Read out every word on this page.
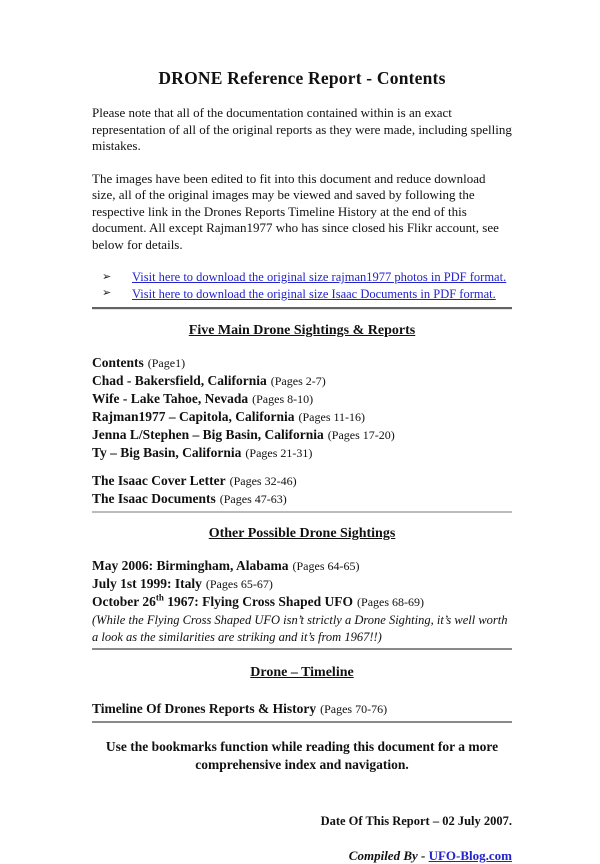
DRONE Reference Report - Contents

Please note that all of the documentation contained within is an exact representation of all of the original reports as they were made, including spelling mistakes.

The images have been edited to fit into this document and reduce download size, all of the original images may be viewed and saved by following the respective link in the Drones Reports Timeline History at the end of this document. All except Rajman1977 who has since closed his Flikr account, see below for details.

➢ Visit here to download the original size rajman1977 photos in PDF format.
➢ Visit here to download the original size Isaac Documents in PDF format.
Five Main Drone Sightings & Reports
Contents (Page1)
Chad - Bakersfield, California (Pages 2-7)
Wife - Lake Tahoe, Nevada (Pages 8-10)
Rajman1977 – Capitola, California (Pages 11-16)
Jenna L/Stephen – Big Basin, California (Pages 17-20)
Ty – Big Basin, California (Pages 21-31)
The Isaac Cover Letter (Pages 32-46)
The Isaac Documents (Pages 47-63)
Other Possible Drone Sightings
May 2006: Birmingham, Alabama (Pages 64-65)
July 1st 1999: Italy (Pages 65-67)
October 26th 1967: Flying Cross Shaped UFO (Pages 68-69)

(While the Flying Cross Shaped UFO isn’t strictly a Drone Sighting, it’s well worth a look as the similarities are striking and it’s from 1967!!)

Drone – Timeline
Timeline Of Drones Reports & History (Pages 70-76)

Use the bookmarks function while reading this document for a more comprehensive index and navigation.

Date Of This Report – 02 July 2007.
Compiled By - UFO-Blog.com
